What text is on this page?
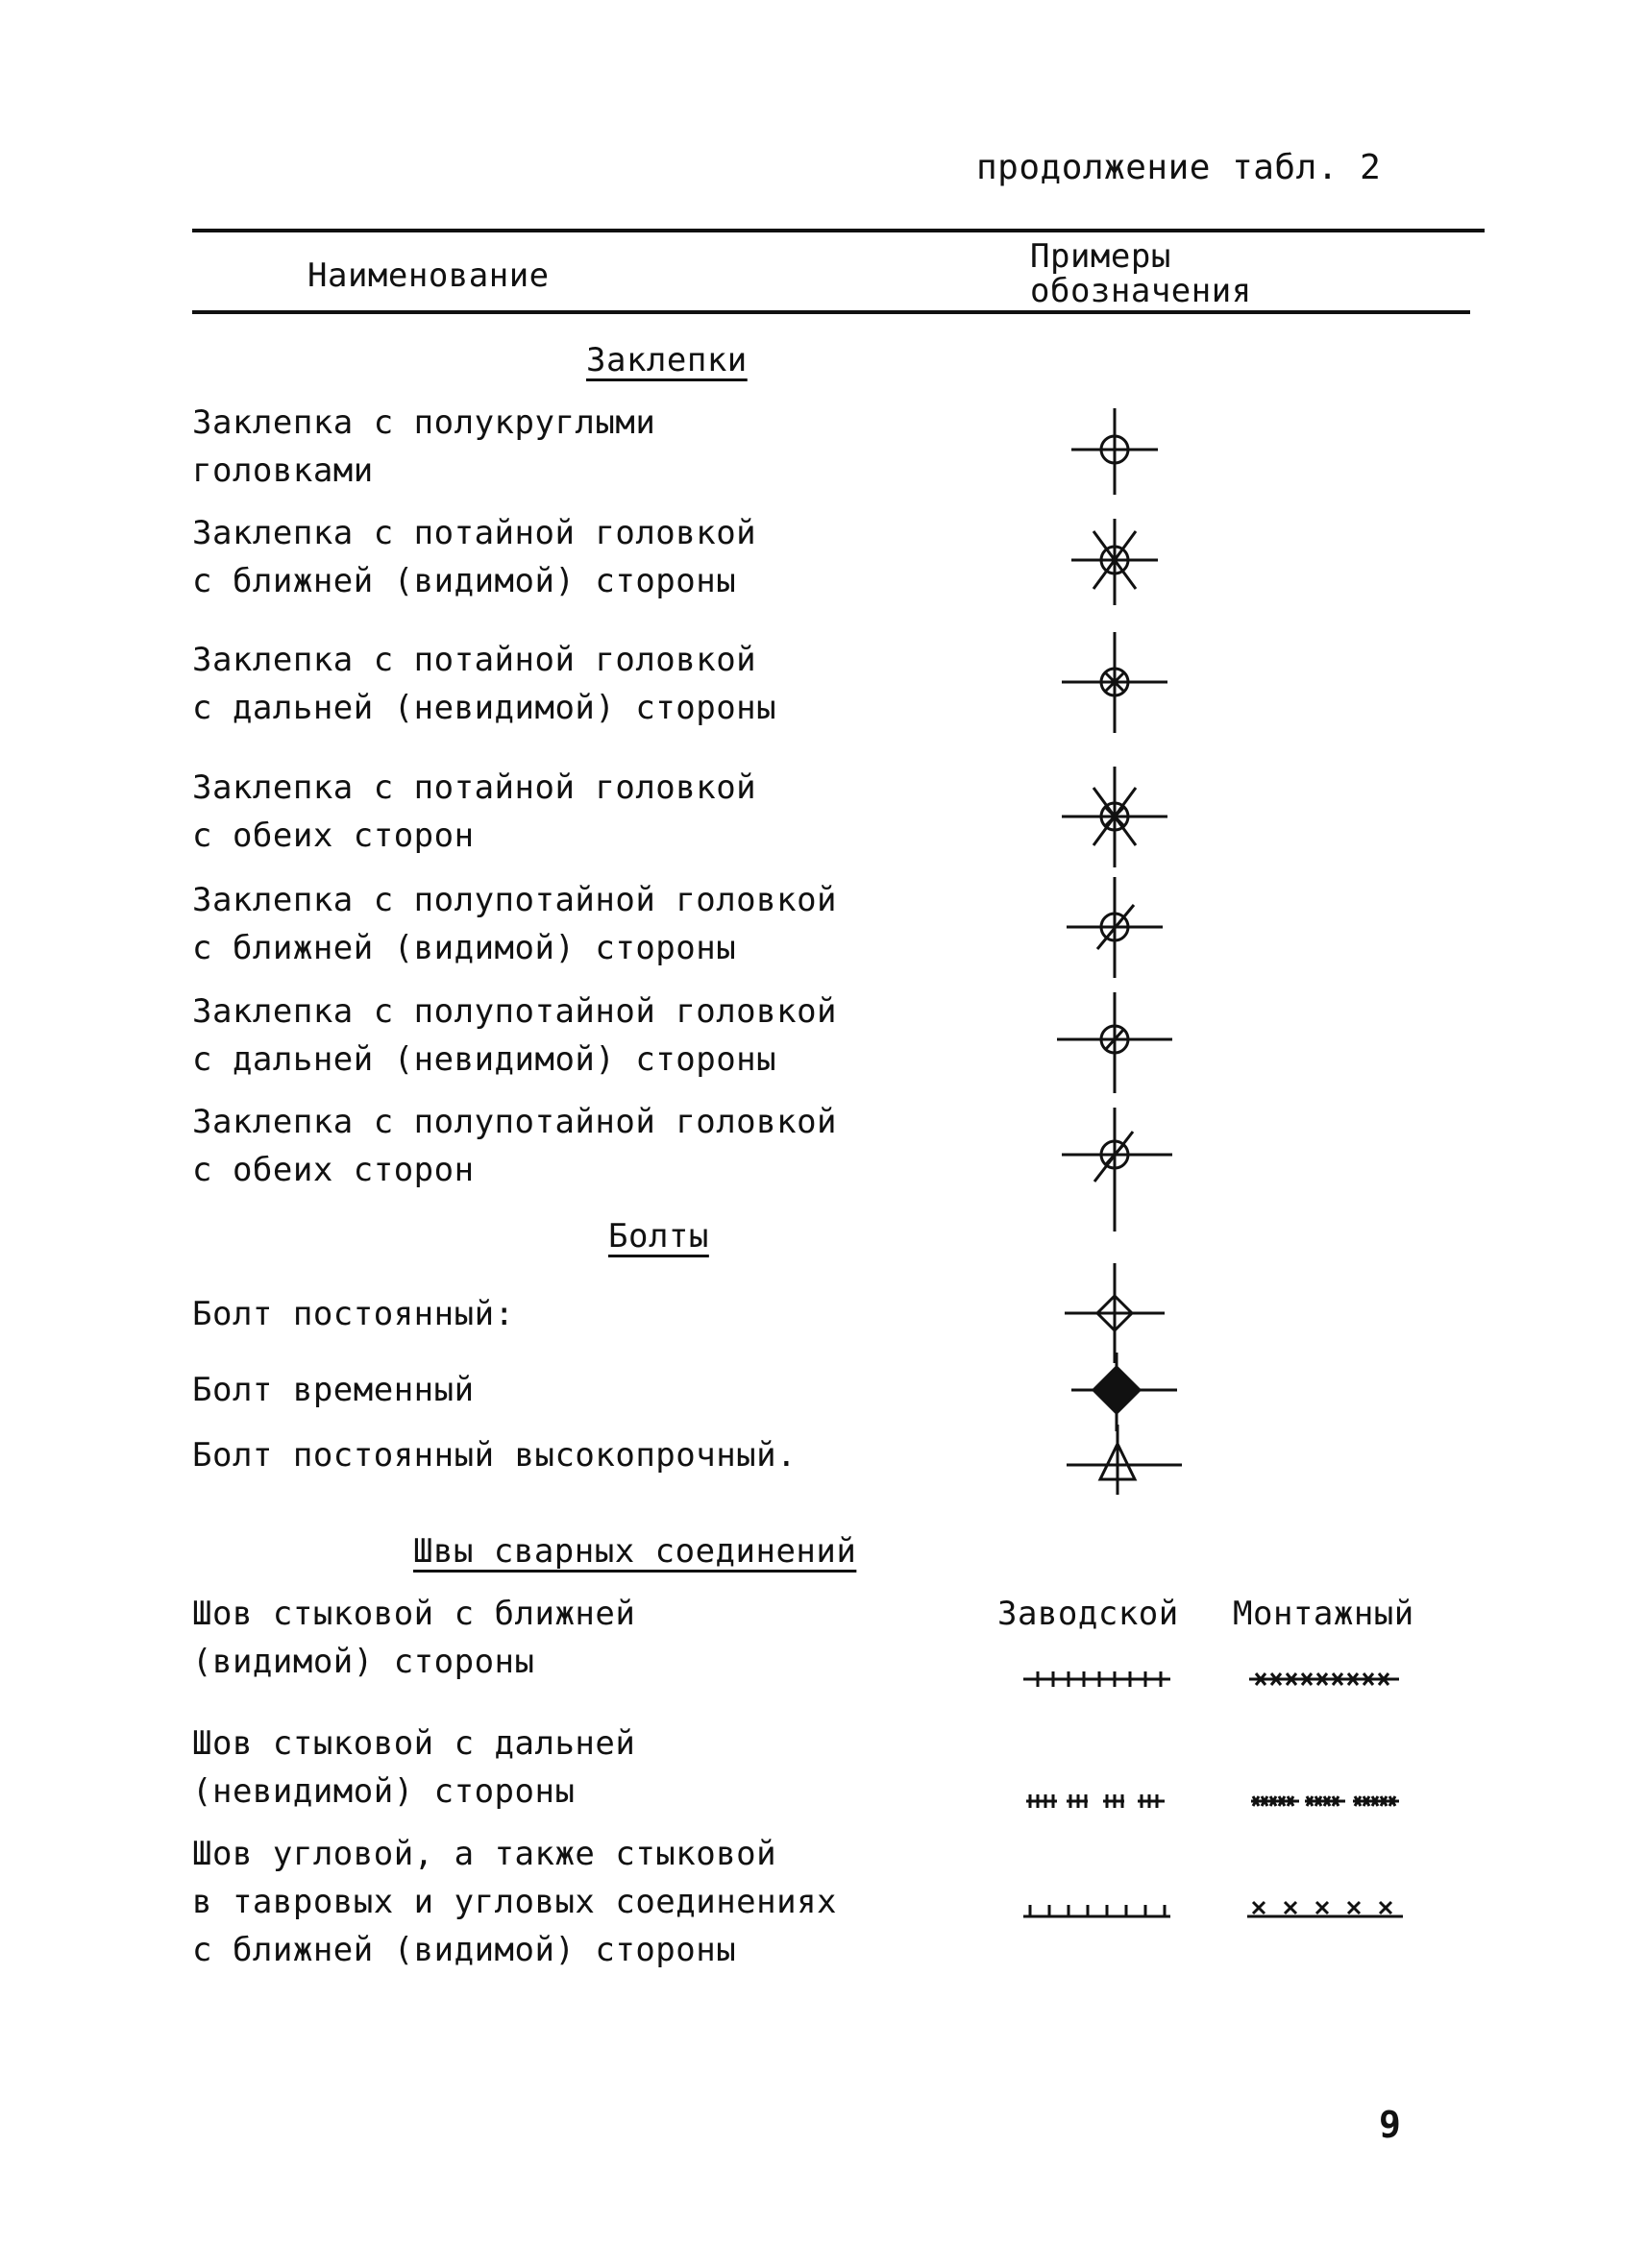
продолжение табл. 2
Наименование	Примеры
обозначения
Заклепки
Заклепка с полукруглыми
головками
Заклепка с потайной головкой
с ближней (видимой) стороны
Заклепка с потайной головкой
с дальней (невидимой) стороны
Заклепка с потайной головкой
с обеих сторон
Заклепка с полупотайной головкой
с ближней (видимой) стороны
Заклепка с полупотайной головкой
с дальней (невидимой) стороны
Заклепка с полупотайной головкой
с обеих сторон
Болты
Болт постоянный:
Болт временный
Болт постоянный высокопрочный.
Швы сварных соединений
Заводской Монтажный
Шов стыковой с ближней
(видимой) стороны
Шов стыковой с дальней
(невидимой) стороны
Шов угловой, а также стыковой
в тавровых и угловых соединениях
с ближней (видимой) стороны
9
